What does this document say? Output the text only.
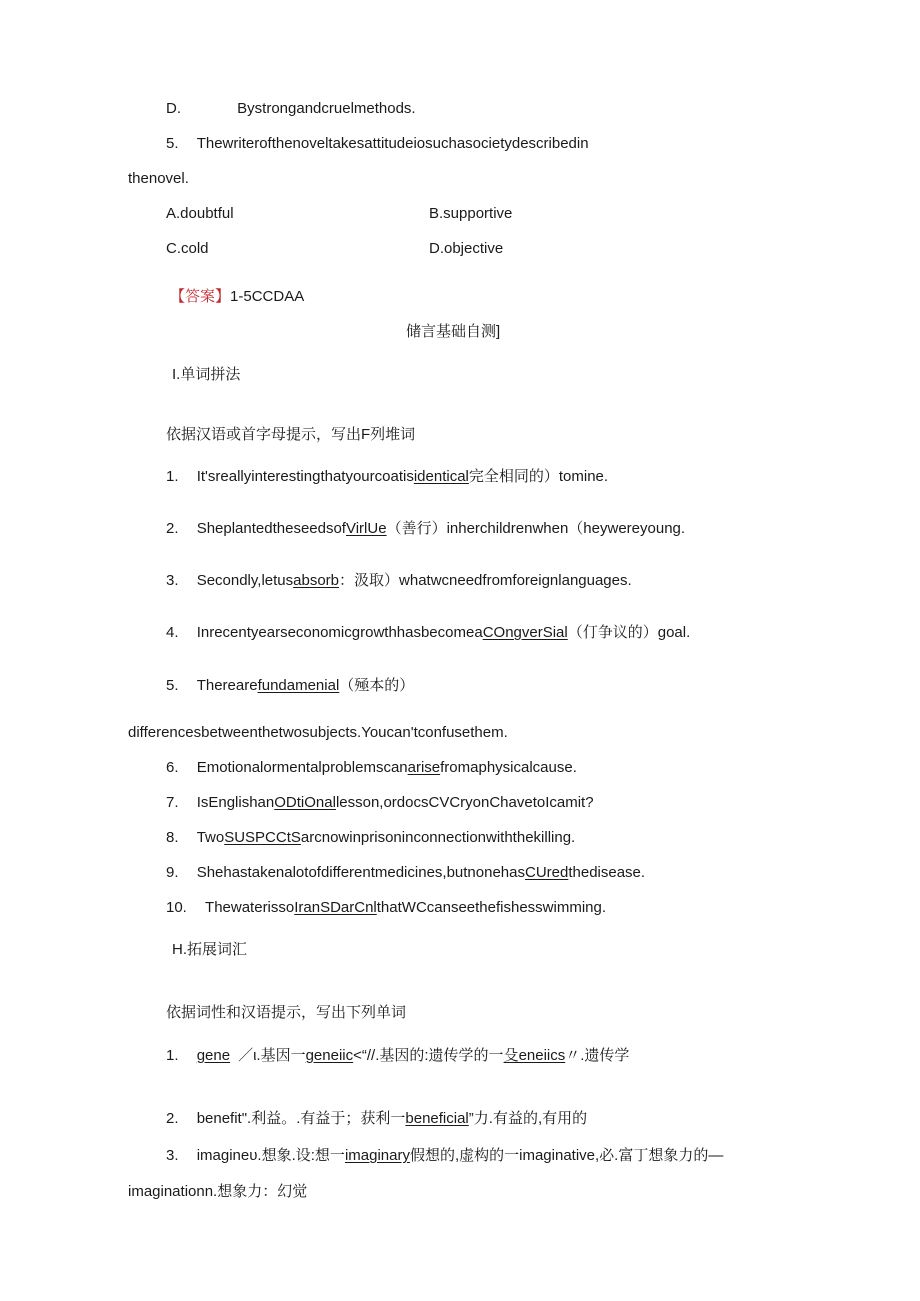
D.	Bystrongandcruelmethods.
5. Thewriterofthenoveltakesattitudeiosuchasocietydescribedin
thenovel.
A.doubtful	B.supportive
C.cold	D.objective
【答案】1-5CCDAA
储言基础自测]
I.单词拼法
依据汉语或首字母提示，写出F列堆词
1. It'sreallyinterestingthatyourcoatisidentical完全相同的）tomine.
2. SheplantedtheseedsofVirlUe（善行）inherchildrenwhen（heywereyoung.
3. Secondly,letusabsorb：汲取）whatwcneedfromforeignlanguages.
4. InrecentyearseconomicgrowthhasbecomeaCOngverSial（仃争议的）goal.
5. Therearefundamenial（殛本的）
differencesbetweenthetwosubjects.Youcan'tconfusethem.
6. Emotionalormentalproblemscanarisefromaphysicalcause.
7. IsEnglishanODtiOnallesson,ordocsCVCryonChavetoIcamit?
8. TwoSUSPCCtSarcnowinprisoninconnectionwiththekilling.
9. Shehastakenalotofdifferentmedicines,butnonehasCUredthedisease.
10. ThewaterissoIranSDarCnlthatWCcanseethefishesswimming.
H.拓展词汇
依据词性和汉语提示，写出下列单词
1. gene ／ι.基因一geneiic<“//.基因的:遗传学的一殳eneiics〃.遗传学
2. benefit".利益。.有益于；获利一beneficial”力.有益的,有用的
3. imagineυ.想象.设:想一imaginary假想的,虚构的一imaginative,必.富丁想象力的—
imaginationn.想象力：幻觉
